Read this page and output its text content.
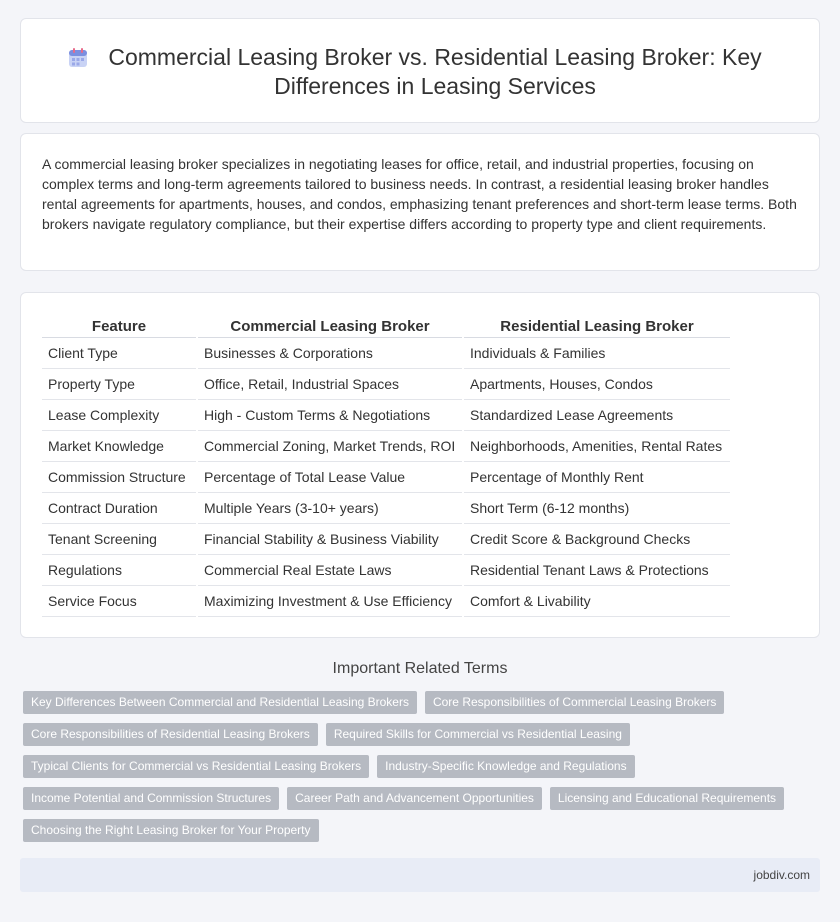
Commercial Leasing Broker vs. Residential Leasing Broker: Key Differences in Leasing Services

A commercial leasing broker specializes in negotiating leases for office, retail, and industrial properties, focusing on complex terms and long-term agreements tailored to business needs. In contrast, a residential leasing broker handles rental agreements for apartments, houses, and condos, emphasizing tenant preferences and short-term lease terms. Both brokers navigate regulatory compliance, but their expertise differs according to property type and client requirements.

Feature	Commercial Leasing Broker	Residential Leasing Broker
Client Type	Businesses & Corporations	Individuals & Families
Property Type	Office, Retail, Industrial Spaces	Apartments, Houses, Condos
Lease Complexity	High - Custom Terms & Negotiations	Standardized Lease Agreements
Market Knowledge	Commercial Zoning, Market Trends, ROI	Neighborhoods, Amenities, Rental Rates
Commission Structure	Percentage of Total Lease Value	Percentage of Monthly Rent
Contract Duration	Multiple Years (3-10+ years)	Short Term (6-12 months)
Tenant Screening	Financial Stability & Business Viability	Credit Score & Background Checks
Regulations	Commercial Real Estate Laws	Residential Tenant Laws & Protections
Service Focus	Maximizing Investment & Use Efficiency	Comfort & Livability
Important Related Terms
Key Differences Between Commercial and Residential Leasing Brokers	Core Responsibilities of Commercial Leasing Brokers
Core Responsibilities of Residential Leasing Brokers	Required Skills for Commercial vs Residential Leasing
Typical Clients for Commercial vs Residential Leasing Brokers	Industry-Specific Knowledge and Regulations
Income Potential and Commission Structures	Career Path and Advancement Opportunities	Licensing and Educational Requirements
Choosing the Right Leasing Broker for Your Property
jobdiv.com
